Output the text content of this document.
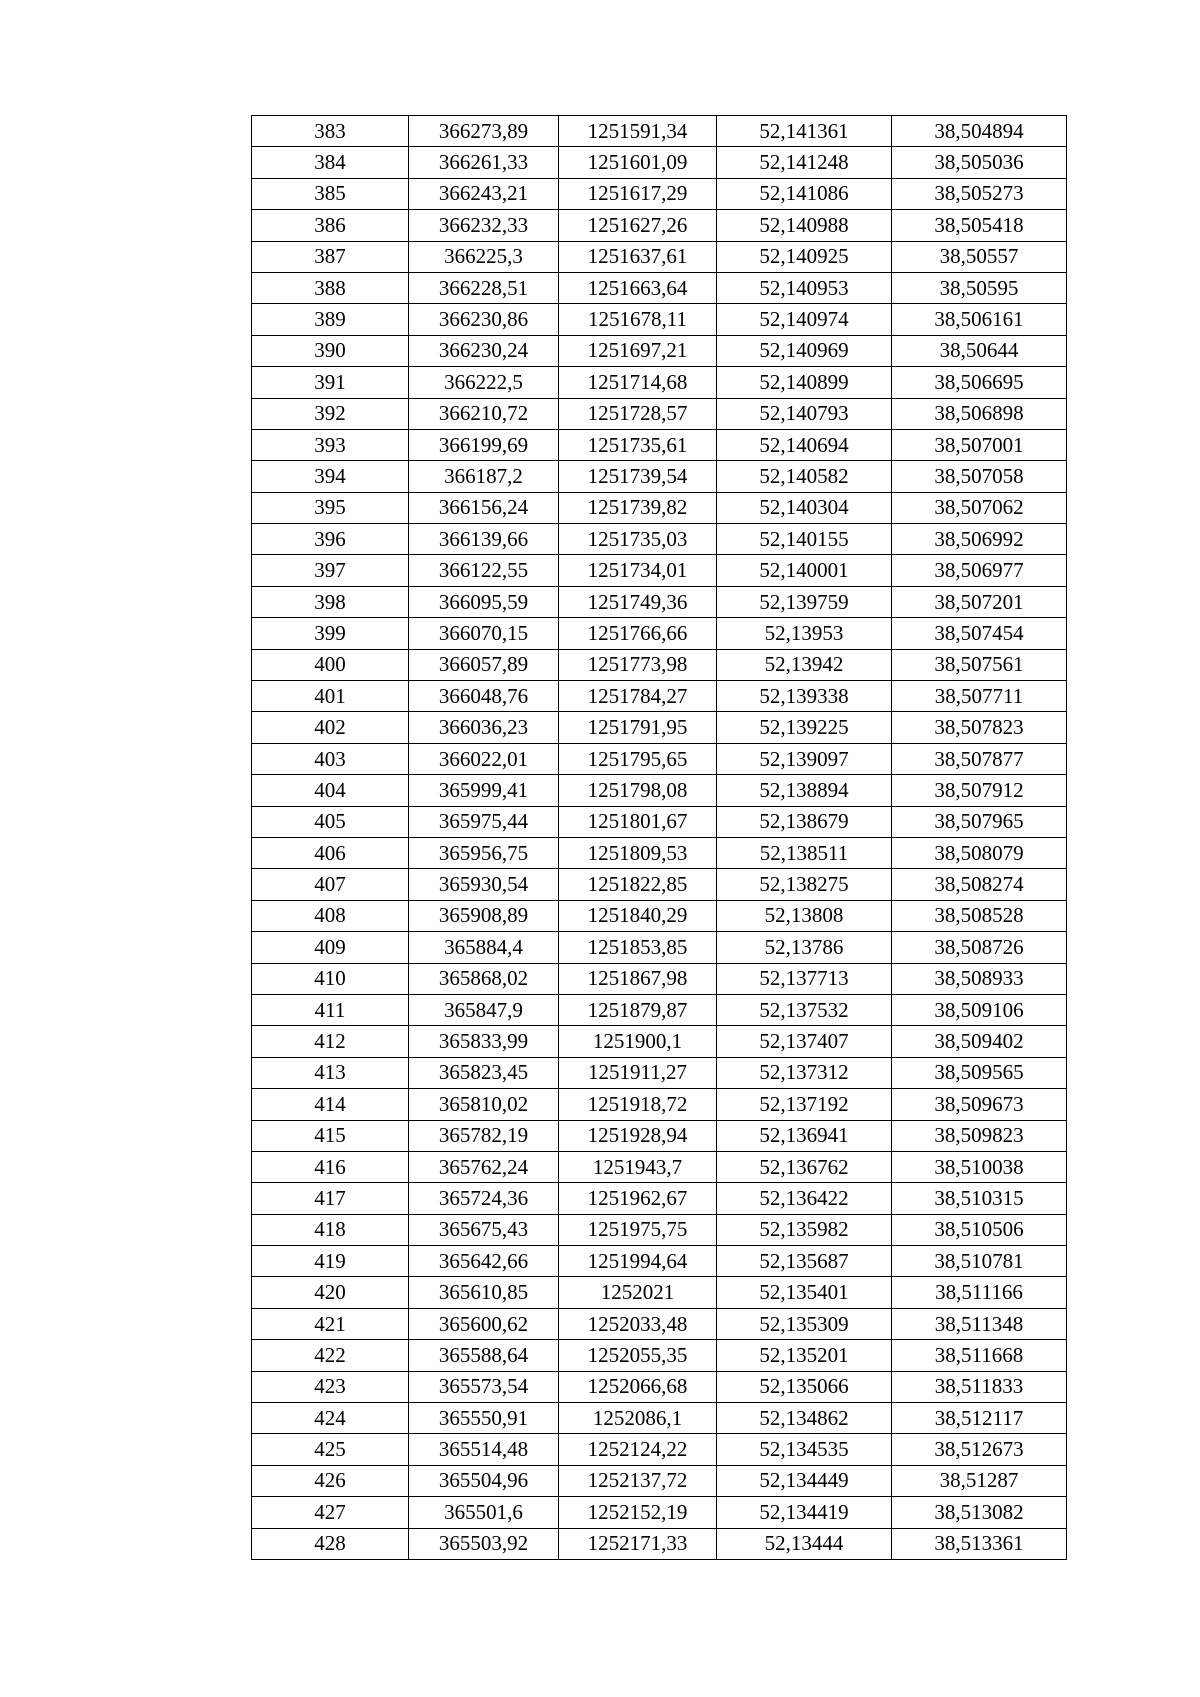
383	366273,89	1251591,34	52,141361	38,504894
384	366261,33	1251601,09	52,141248	38,505036
385	366243,21	1251617,29	52,141086	38,505273
386	366232,33	1251627,26	52,140988	38,505418
387	366225,3	1251637,61	52,140925	38,50557
388	366228,51	1251663,64	52,140953	38,50595
389	366230,86	1251678,11	52,140974	38,506161
390	366230,24	1251697,21	52,140969	38,50644
391	366222,5	1251714,68	52,140899	38,506695
392	366210,72	1251728,57	52,140793	38,506898
393	366199,69	1251735,61	52,140694	38,507001
394	366187,2	1251739,54	52,140582	38,507058
395	366156,24	1251739,82	52,140304	38,507062
396	366139,66	1251735,03	52,140155	38,506992
397	366122,55	1251734,01	52,140001	38,506977
398	366095,59	1251749,36	52,139759	38,507201
399	366070,15	1251766,66	52,13953	38,507454
400	366057,89	1251773,98	52,13942	38,507561
401	366048,76	1251784,27	52,139338	38,507711
402	366036,23	1251791,95	52,139225	38,507823
403	366022,01	1251795,65	52,139097	38,507877
404	365999,41	1251798,08	52,138894	38,507912
405	365975,44	1251801,67	52,138679	38,507965
406	365956,75	1251809,53	52,138511	38,508079
407	365930,54	1251822,85	52,138275	38,508274
408	365908,89	1251840,29	52,13808	38,508528
409	365884,4	1251853,85	52,13786	38,508726
410	365868,02	1251867,98	52,137713	38,508933
411	365847,9	1251879,87	52,137532	38,509106
412	365833,99	1251900,1	52,137407	38,509402
413	365823,45	1251911,27	52,137312	38,509565
414	365810,02	1251918,72	52,137192	38,509673
415	365782,19	1251928,94	52,136941	38,509823
416	365762,24	1251943,7	52,136762	38,510038
417	365724,36	1251962,67	52,136422	38,510315
418	365675,43	1251975,75	52,135982	38,510506
419	365642,66	1251994,64	52,135687	38,510781
420	365610,85	1252021	52,135401	38,511166
421	365600,62	1252033,48	52,135309	38,511348
422	365588,64	1252055,35	52,135201	38,511668
423	365573,54	1252066,68	52,135066	38,511833
424	365550,91	1252086,1	52,134862	38,512117
425	365514,48	1252124,22	52,134535	38,512673
426	365504,96	1252137,72	52,134449	38,51287
427	365501,6	1252152,19	52,134419	38,513082
428	365503,92	1252171,33	52,13444	38,513361
